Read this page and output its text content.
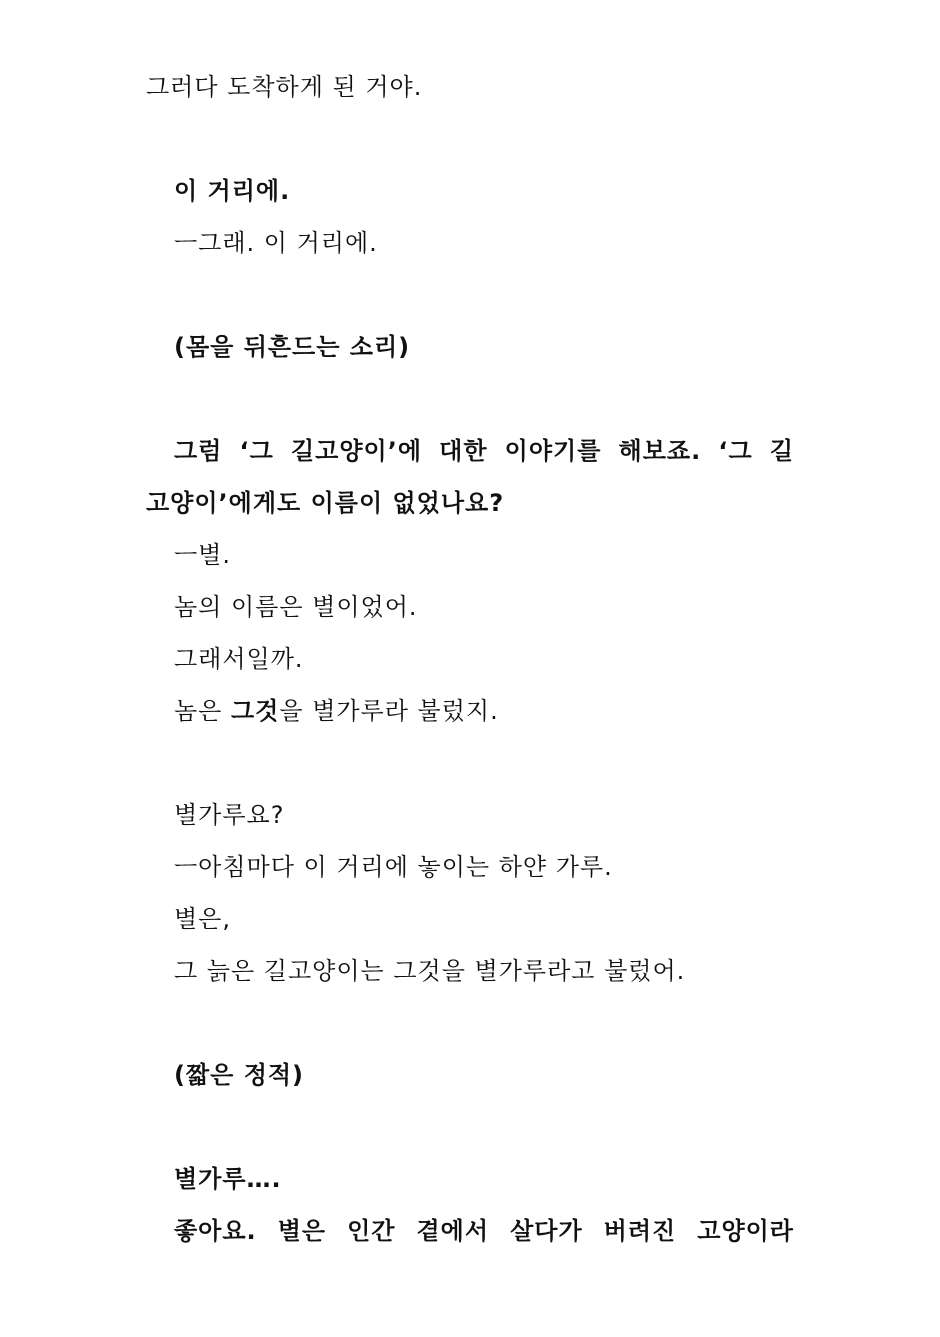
그러다 도착하게 된 거야.
이 거리에.
ㅡ그래. 이 거리에.
(몸을 뒤흔드는 소리)
그럼 ‘그 길고양이’에 대한 이야기를 해보죠. ‘그 길
고양이’에게도 이름이 없었나요?
ㅡ별.
놈의 이름은 별이었어.
그래서일까.
놈은 그것을 별가루라 불렀지.
별가루요?
ㅡ아침마다 이 거리에 놓이는 하얀 가루.
별은,
그 늙은 길고양이는 그것을 별가루라고 불렀어.
(짧은 정적)
별가루….
좋아요. 별은 인간 곁에서 살다가 버려진 고양이라
